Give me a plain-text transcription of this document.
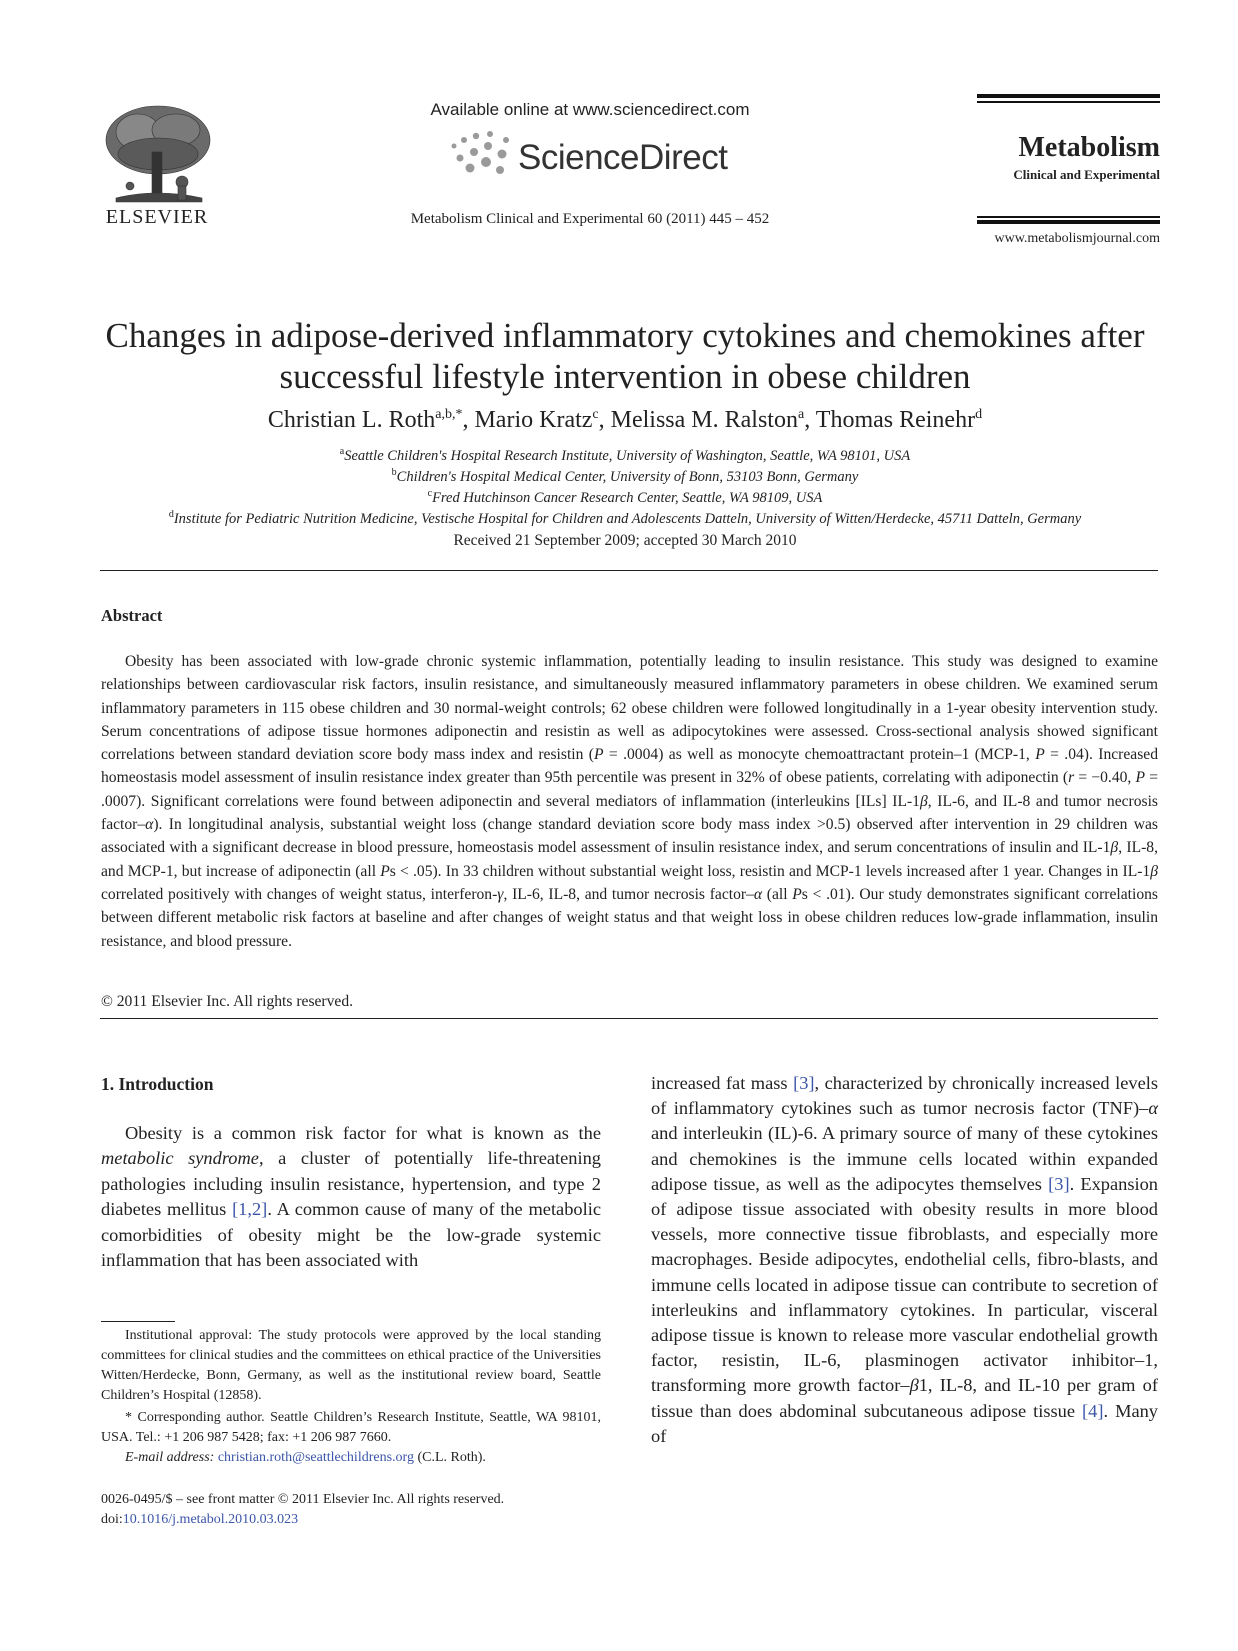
ELSEVIER
Available online at www.sciencedirect.com
ScienceDirect
Metabolism Clinical and Experimental 60 (2011) 445 – 452
Metabolism
Clinical and Experimental
www.metabolismjournal.com
Changes in adipose-derived inflammatory cytokines and chemokines after
successful lifestyle intervention in obese children
Christian L. Roth$^{a,b,*}$, Mario Kratz$^c$, Melissa M. Ralston$^a$, Thomas Reinehr$^d$
$^a$Seattle Children's Hospital Research Institute, University of Washington, Seattle, WA 98101, USA
$^b$Children's Hospital Medical Center, University of Bonn, 53103 Bonn, Germany
$^c$Fred Hutchinson Cancer Research Center, Seattle, WA 98109, USA
$^d$Institute for Pediatric Nutrition Medicine, Vestische Hospital for Children and Adolescents Datteln, University of Witten/Herdecke, 45711 Datteln, Germany
Received 21 September 2009; accepted 30 March 2010
Abstract
Obesity has been associated with low-grade chronic systemic inflammation, potentially leading to insulin resistance. This study was designed to examine relationships between cardiovascular risk factors, insulin resistance, and simultaneously measured inflammatory parameters in obese children. We examined serum inflammatory parameters in 115 obese children and 30 normal-weight controls; 62 obese children were followed longitudinally in a 1-year obesity intervention study. Serum concentrations of adipose tissue hormones adiponectin and resistin as well as adipocytokines were assessed. Cross-sectional analysis showed significant correlations between standard deviation score body mass index and resistin (P = .0004) as well as monocyte chemoattractant protein–1 (MCP-1, P = .04). Increased homeostasis model assessment of insulin resistance index greater than 95th percentile was present in 32% of obese patients, correlating with adiponectin (r = −0.40, P = .0007). Significant correlations were found between adiponectin and several mediators of inflammation (interleukins [ILs] IL-1β, IL-6, and IL-8 and tumor necrosis factor–α). In longitudinal analysis, substantial weight loss (change standard deviation score body mass index >0.5) observed after intervention in 29 children was associated with a significant decrease in blood pressure, homeostasis model assessment of insulin resistance index, and serum concentrations of insulin and IL-1β, IL-8, and MCP-1, but increase of adiponectin (all Ps < .05). In 33 children without substantial weight loss, resistin and MCP-1 levels increased after 1 year. Changes in IL-1β correlated positively with changes of weight status, interferon-γ, IL-6, IL-8, and tumor necrosis factor–α (all Ps < .01). Our study demonstrates significant correlations between different metabolic risk factors at baseline and after changes of weight status and that weight loss in obese children reduces low-grade inflammation, insulin resistance, and blood pressure.
© 2011 Elsevier Inc. All rights reserved.
1. Introduction
Obesity is a common risk factor for what is known as the metabolic syndrome, a cluster of potentially life-threatening pathologies including insulin resistance, hypertension, and type 2 diabetes mellitus [1,2]. A common cause of many of the metabolic comorbidities of obesity might be the low-grade systemic inflammation that has been associated with
increased fat mass [3], characterized by chronically increased levels of inflammatory cytokines such as tumor necrosis factor (TNF)–α and interleukin (IL)-6. A primary source of many of these cytokines and chemokines is the immune cells located within expanded adipose tissue, as well as the adipocytes themselves [3]. Expansion of adipose tissue associated with obesity results in more blood vessels, more connective tissue fibroblasts, and especially more macrophages. Beside adipocytes, endothelial cells, fibro-blasts, and immune cells located in adipose tissue can contribute to secretion of interleukins and inflammatory cytokines. In particular, visceral adipose tissue is known to release more vascular endothelial growth factor, resistin, IL-6, plasminogen activator inhibitor–1, transforming more growth factor–β1, IL-8, and IL-10 per gram of tissue than does abdominal subcutaneous adipose tissue [4]. Many of
Institutional approval: The study protocols were approved by the local standing committees for clinical studies and the committees on ethical practice of the Universities Witten/Herdecke, Bonn, Germany, as well as the institutional review board, Seattle Children’s Hospital (12858).
* Corresponding author. Seattle Children’s Research Institute, Seattle, WA 98101, USA. Tel.: +1 206 987 5428; fax: +1 206 987 7660.
E-mail address: christian.roth@seattlechildrens.org (C.L. Roth).
0026-0495/$ – see front matter © 2011 Elsevier Inc. All rights reserved.
doi:10.1016/j.metabol.2010.03.023
